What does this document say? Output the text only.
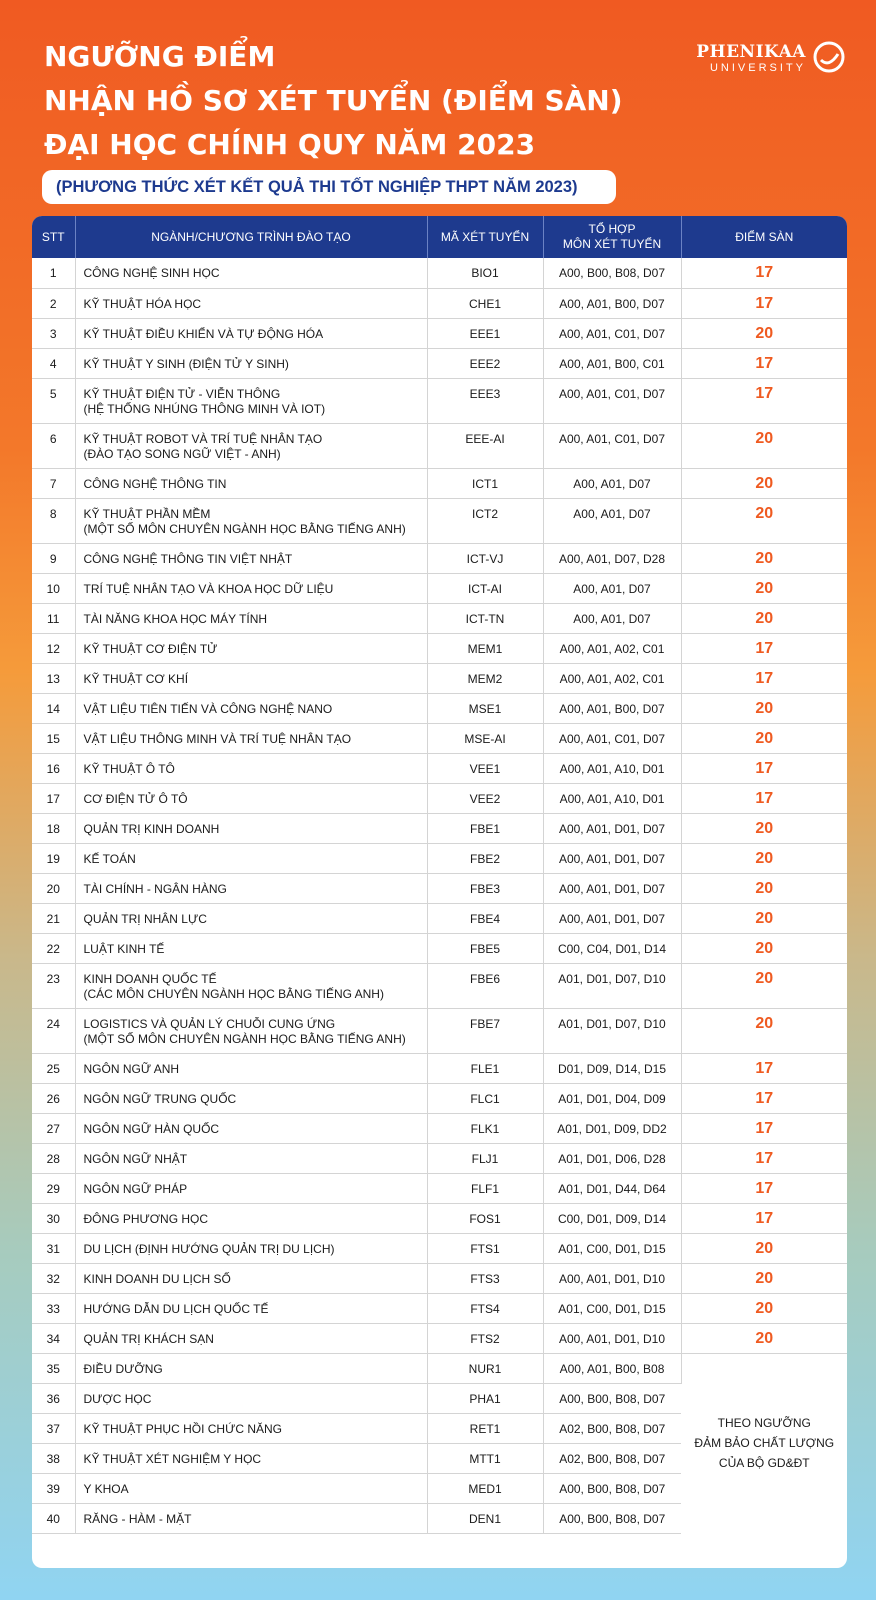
NGƯỠNG ĐIỂM
NHẬN HỒ SƠ XÉT TUYỂN (ĐIỂM SÀN)
ĐẠI HỌC CHÍNH QUY NĂM 2023
(PHƯƠNG THỨC XÉT KẾT QUẢ THI TỐT NGHIỆP THPT NĂM 2023)
PHENIKAA
UNIVERSITY
STT	NGÀNH/CHƯƠNG TRÌNH ĐÀO TẠO	MÃ XÉT TUYỂN	TỔ HỢP
MÔN XÉT TUYỂN	ĐIỂM SÀN

1	CÔNG NGHỆ SINH HỌC	BIO1	A00, B00, B08, D07	17

2	KỸ THUẬT HÓA HỌC	CHE1	A00, A01, B00, D07	17

3	KỸ THUẬT ĐIỀU KHIỂN VÀ TỰ ĐỘNG HÓA	EEE1	A00, A01, C01, D07	20

4	KỸ THUẬT Y SINH (ĐIỆN TỬ Y SINH)	EEE2	A00, A01, B00, C01	17

5	KỸ THUẬT ĐIỆN TỬ - VIỄN THÔNG
(HỆ THỐNG NHÚNG THÔNG MINH VÀ IOT)	EEE3	A00, A01, C01, D07	17

6	KỸ THUẬT ROBOT VÀ TRÍ TUỆ NHÂN TẠO
(ĐÀO TẠO SONG NGỮ VIỆT - ANH)	EEE-AI	A00, A01, C01, D07	20

7	CÔNG NGHỆ THÔNG TIN	ICT1	A00, A01, D07	20

8	KỸ THUẬT PHẦN MỀM
(MỘT SỐ MÔN CHUYÊN NGÀNH HỌC BẰNG TIẾNG ANH)	ICT2	A00, A01, D07	20

9	CÔNG NGHỆ THÔNG TIN VIỆT NHẬT	ICT-VJ	A00, A01, D07, D28	20

10	TRÍ TUỆ NHÂN TẠO VÀ KHOA HỌC DỮ LIỆU	ICT-AI	A00, A01, D07	20

11	TÀI NĂNG KHOA HỌC MÁY TÍNH	ICT-TN	A00, A01, D07	20

12	KỸ THUẬT CƠ ĐIỆN TỬ	MEM1	A00, A01, A02, C01	17

13	KỸ THUẬT CƠ KHÍ	MEM2	A00, A01, A02, C01	17

14	VẬT LIỆU TIÊN TIẾN VÀ CÔNG NGHỆ NANO	MSE1	A00, A01, B00, D07	20

15	VẬT LIỆU THÔNG MINH VÀ TRÍ TUỆ NHÂN TẠO	MSE-AI	A00, A01, C01, D07	20

16	KỸ THUẬT Ô TÔ	VEE1	A00, A01, A10, D01	17

17	CƠ ĐIỆN TỬ Ô TÔ	VEE2	A00, A01, A10, D01	17

18	QUẢN TRỊ KINH DOANH	FBE1	A00, A01, D01, D07	20

19	KẾ TOÁN	FBE2	A00, A01, D01, D07	20

20	TÀI CHÍNH - NGÂN HÀNG	FBE3	A00, A01, D01, D07	20

21	QUẢN TRỊ NHÂN LỰC	FBE4	A00, A01, D01, D07	20

22	LUẬT KINH TẾ	FBE5	C00, C04, D01, D14	20

23	KINH DOANH QUỐC TẾ
(CÁC MÔN CHUYÊN NGÀNH HỌC BẰNG TIẾNG ANH)	FBE6	A01, D01, D07, D10	20

24	LOGISTICS VÀ QUẢN LÝ CHUỖI CUNG ỨNG
(MỘT SỐ MÔN CHUYÊN NGÀNH HỌC BẰNG TIẾNG ANH)	FBE7	A01, D01, D07, D10	20

25	NGÔN NGỮ ANH	FLE1	D01, D09, D14, D15	17

26	NGÔN NGỮ TRUNG QUỐC	FLC1	A01, D01, D04, D09	17

27	NGÔN NGỮ HÀN QUỐC	FLK1	A01, D01, D09, DD2	17

28	NGÔN NGỮ NHẬT	FLJ1	A01, D01, D06, D28	17

29	NGÔN NGỮ PHÁP	FLF1	A01, D01, D44, D64	17

30	ĐÔNG PHƯƠNG HỌC	FOS1	C00, D01, D09, D14	17

31	DU LỊCH (ĐỊNH HƯỚNG QUẢN TRỊ DU LỊCH)	FTS1	A01, C00, D01, D15	20

32	KINH DOANH DU LỊCH SỐ	FTS3	A00, A01, D01, D10	20

33	HƯỚNG DẪN DU LỊCH QUỐC TẾ	FTS4	A01, C00, D01, D15	20

34	QUẢN TRỊ KHÁCH SẠN	FTS2	A00, A01, D01, D10	20

35	ĐIỀU DƯỠNG	NUR1	A00, A01, B00, B08	THEO NGƯỠNG
ĐẢM BẢO CHẤT LƯỢNG
CỦA BỘ GD&ĐT

36	DƯỢC HỌC	PHA1	A00, B00, B08, D07	

37	KỸ THUẬT PHỤC HỒI CHỨC NĂNG	RET1	A02, B00, B08, D07	

38	KỸ THUẬT XÉT NGHIỆM Y HỌC	MTT1	A02, B00, B08, D07	

39	Y KHOA	MED1	A00, B00, B08, D07	

40	RĂNG - HÀM - MẶT	DEN1	A00, B00, B08, D07	
